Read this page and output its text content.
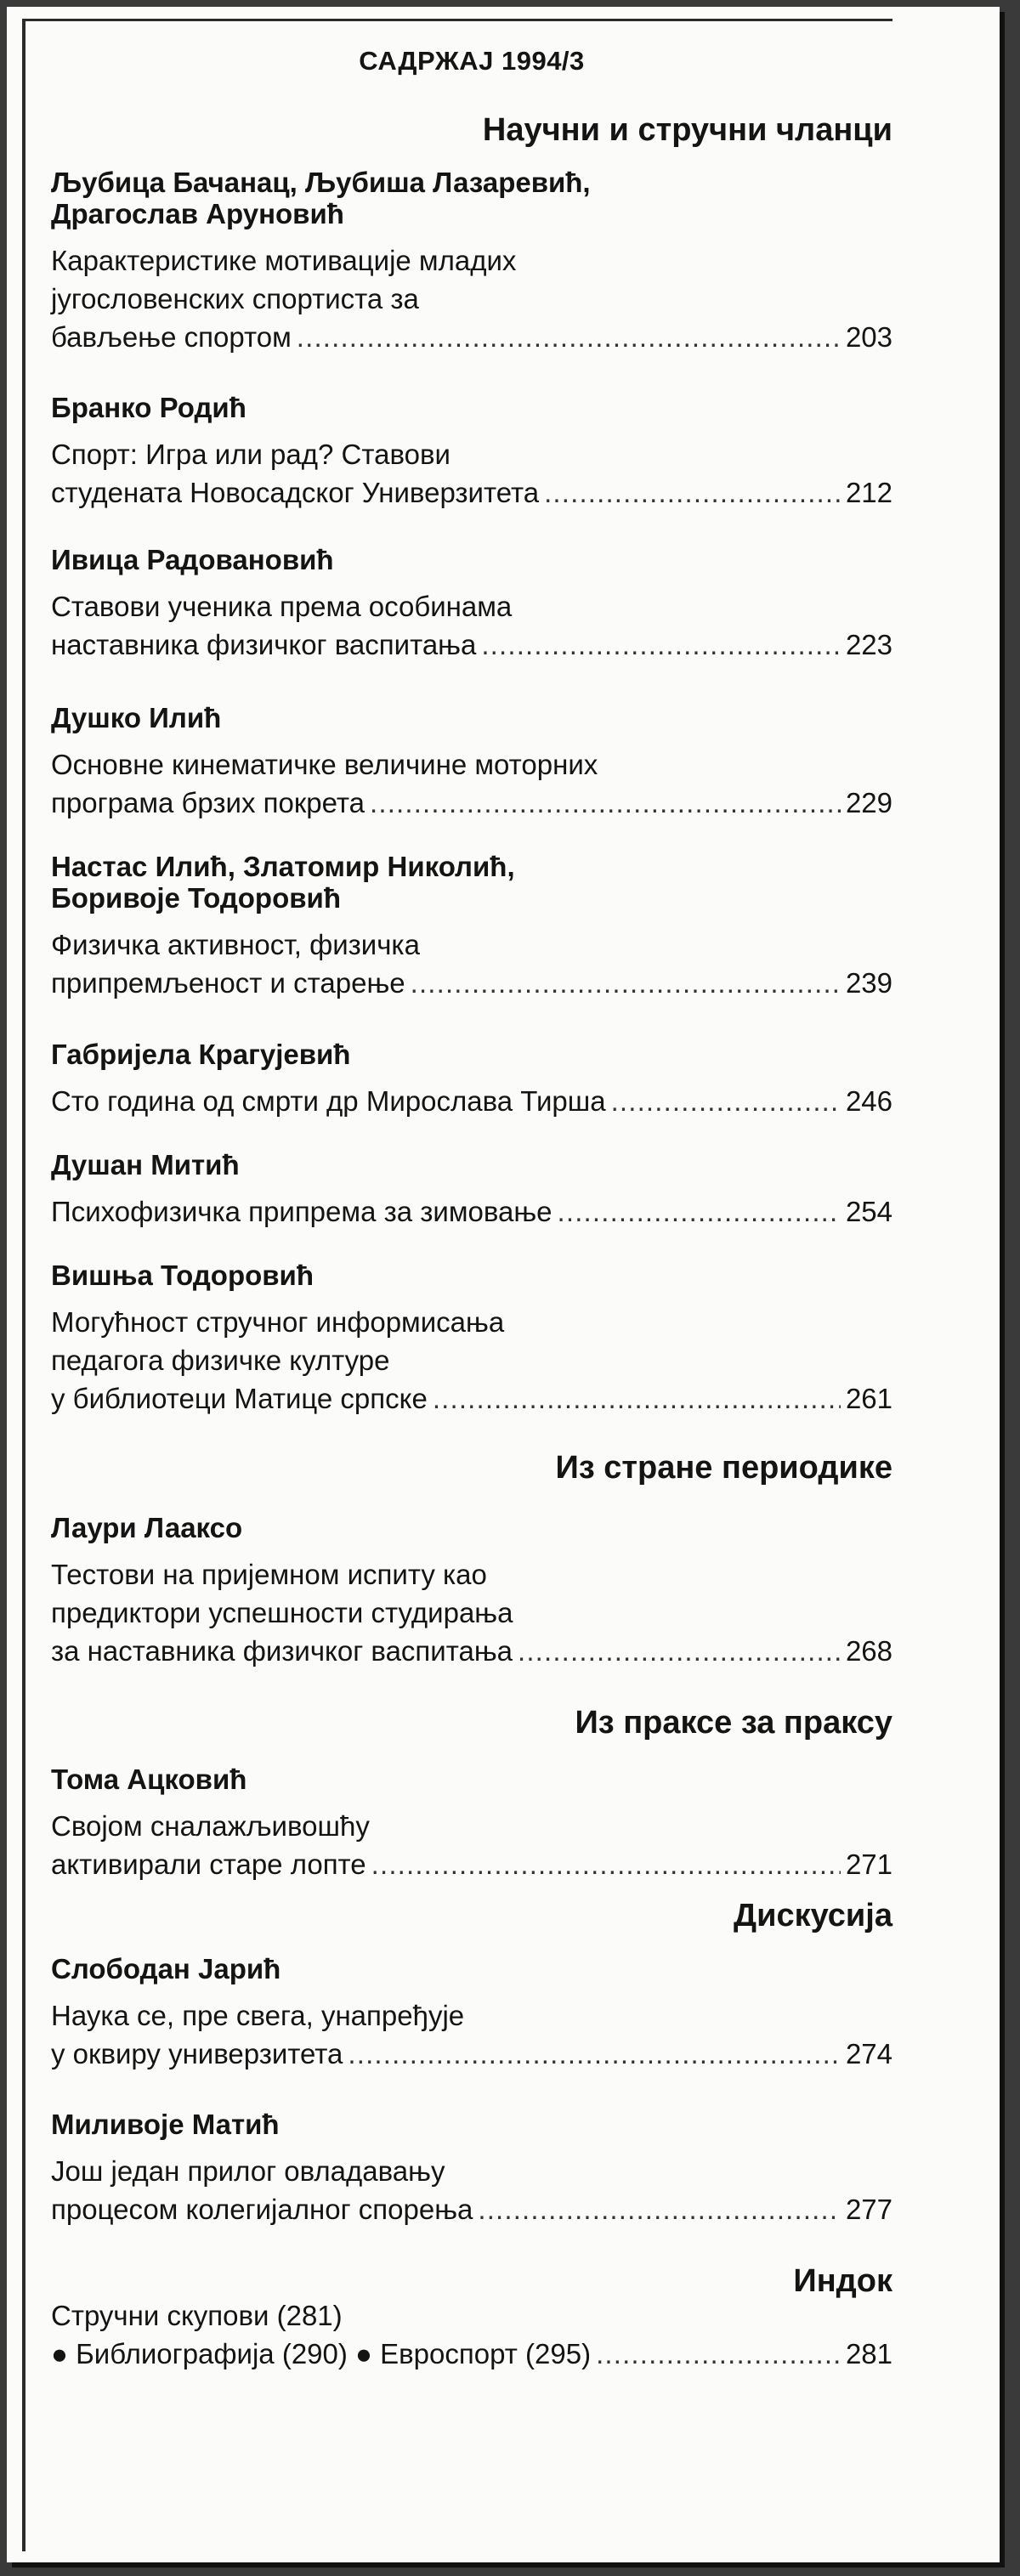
САДРЖАЈ 1994/3
Научни и стручни чланци
Љубица Бачанац, Љубиша Лазаревић,
Драгослав Аруновић
Карактеристике мотивације младих
југословенских спортиста за
бављење спортом . . .	203
Бранко Родић
Спорт: Игра или рад? Ставови
студената Новосадског Универзитета . . .	212
Ивица Радовановић
Ставови ученика према особинама
наставника физичког васпитања . . .	223
Душко Илић
Основне кинематичке величине моторних
програма брзих покрета . . .	229
Настас Илић, Златомир Николић,
Боривоје Тодоровић
Физичка активност, физичка
припремљеност и старење . . .	239
Габријела Крагујевић
Сто година од смрти др Мирослава Тирша . . .	246
Душан Митић
Психофизичка припрема за зимовање . . .	254
Вишња Тодоровић
Могућност стручног информисања
педагога физичке културе
у библиотеци Матице српске . . .	261
Из стране периодике
Лаури Лааксо
Тестови на пријемном испиту као
предиктори успешности студирања
за наставника физичког васпитања . . .	268
Из праксе за праксу
Тома Ацковић
Својом сналажљивошћу
активирали старе лопте . . .	271
Дискусија
Слободан Јарић
Наука се, пре свега, унапређује
у оквиру универзитета . . .	274
Миливоје Матић
Још један прилог овладавању
процесом колегијалног спорења . . .	277
Индок
Стручни скупови (281)
● Библиографија (290) ● Евроспорт (295) . . .	281
